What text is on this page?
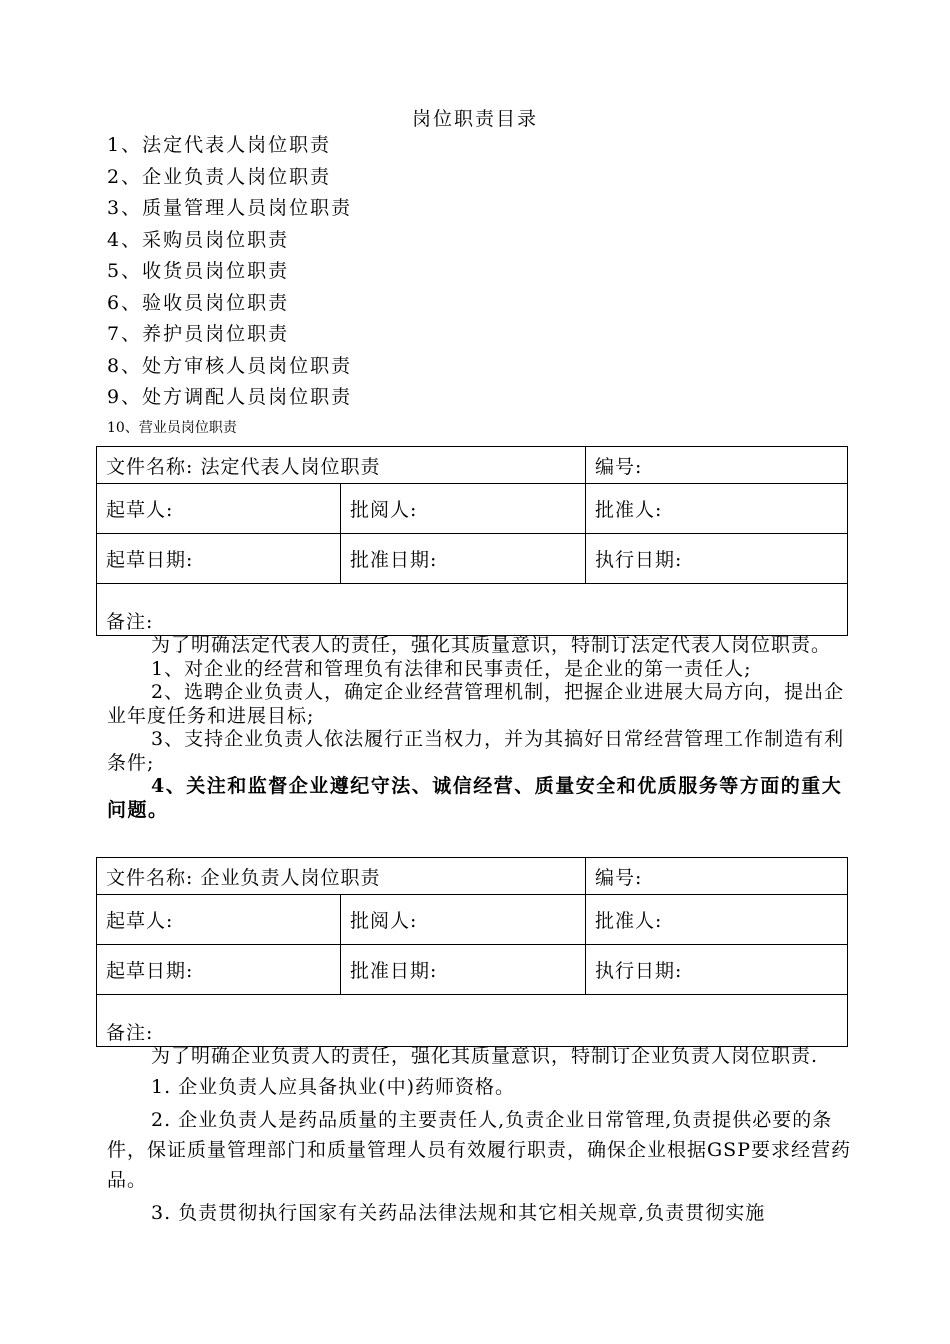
岗位职责目录
1、法定代表人岗位职责
2、企业负责人岗位职责
3、质量管理人员岗位职责
4、采购员岗位职责
5、收货员岗位职责
6、验收员岗位职责
7、养护员岗位职责
8、处方审核人员岗位职责
9、处方调配人员岗位职责
10、营业员岗位职责
文件名称: 法定代表人岗位职责		编号:
起草人:	批阅人:	批准人:
起草日期:	批准日期:	执行日期:
备注:		

为了明确法定代表人的责任，强化其质量意识，特制订法定代表人岗位职责。

1、对企业的经营和管理负有法律和民事责任，是企业的第一责任人;

2、选聘企业负责人，确定企业经营管理机制，把握企业进展大局方向，提出企业年度任务和进展目标;

3、支持企业负责人依法履行正当权力，并为其搞好日常经营管理工作制造有利条件;

4、关注和监督企业遵纪守法、诚信经营、质量安全和优质服务等方面的重大问题。

文件名称: 企业负责人岗位职责		编号:
起草人:	批阅人:	批准人:
起草日期:	批准日期:	执行日期:
备注:		

为了明确企业负责人的责任，强化其质量意识，特制订企业负责人岗位职责.

1. 企业负责人应具备执业(中)药师资格。

2. 企业负责人是药品质量的主要责任人,负责企业日常管理,负责提供必要的条件，保证质量管理部门和质量管理人员有效履行职责，确保企业根据GSP要求经营药品。

3. 负责贯彻执行国家有关药品法律法规和其它相关规章,负责贯彻实施
